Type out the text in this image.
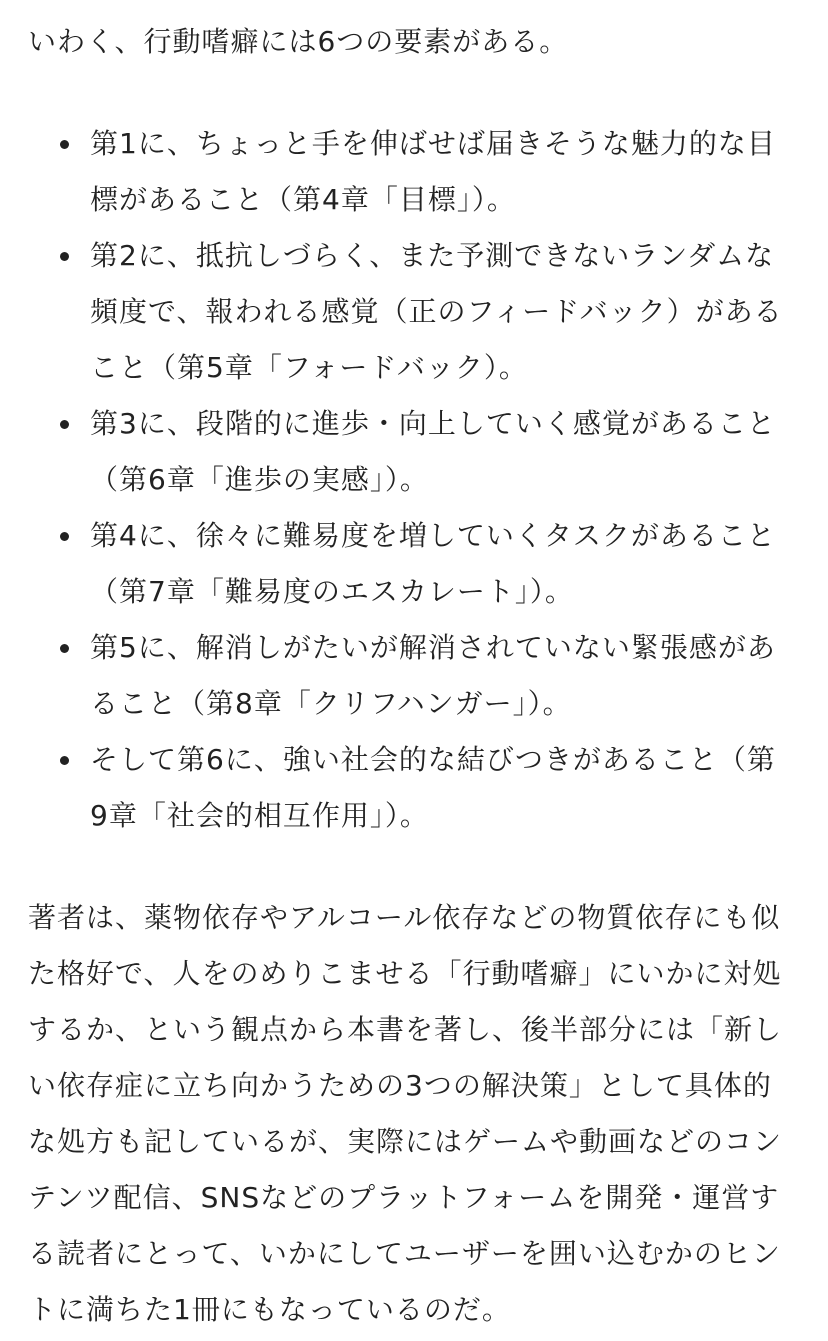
いわく、行動嗜癖には6つの要素がある。

第1に、ちょっと手を伸ばせば届きそうな魅力的な目標があること（第4章「目標」）。
第2に、抵抗しづらく、また予測できないランダムな頻度で、報われる感覚（正のフィードバック）があること（第5章「フォードバック）。
第3に、段階的に進歩・向上していく感覚があること（第6章「進歩の実感」）。
第4に、徐々に難易度を増していくタスクがあること（第7章「難易度のエスカレート」）。
第5に、解消しがたいが解消されていない緊張感があること（第8章「クリフハンガー」）。
そして第6に、強い社会的な結びつきがあること（第9章「社会的相互作用」）。

著者は、薬物依存やアルコール依存などの物質依存にも似た格好で、人をのめりこませる「行動嗜癖」にいかに対処するか、という観点から本書を著し、後半部分には「新しい依存症に立ち向かうための3つの解決策」として具体的な処方も記しているが、実際にはゲームや動画などのコンテンツ配信、SNSなどのプラットフォームを開発・運営する読者にとって、いかにしてユーザーを囲い込むかのヒントに満ちた1冊にもなっているのだ。
